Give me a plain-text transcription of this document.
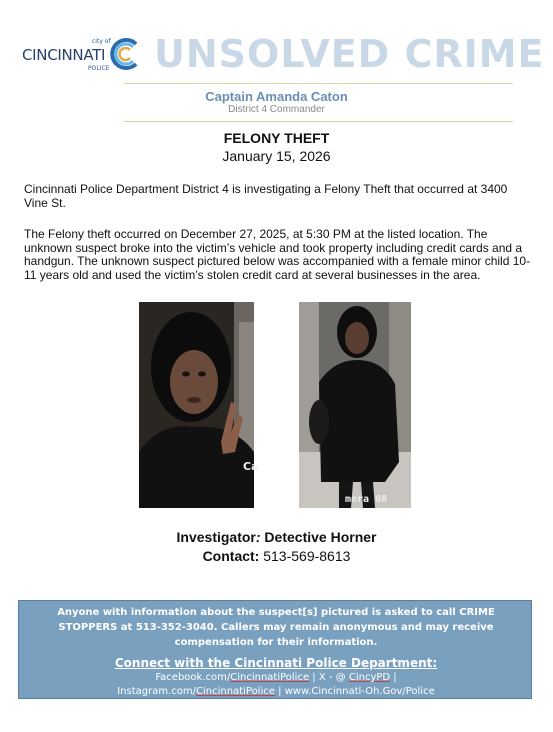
city of
CINCINNATI
POLICE UNSOLVED CRIME
Captain Amanda Caton
District 4 Commander
FELONY THEFT
January 15, 2026

Cincinnati Police Department District 4 is investigating a Felony Theft that occurred at 3400 Vine St.

The Felony theft occurred on December 27, 2025, at 5:30 PM at the listed location. The unknown suspect broke into the victim’s vehicle and took property including credit cards and a handgun. The unknown suspect pictured below was accompanied with a female minor child 10-11 years old and used the victim’s stolen credit card at several businesses in the area.

Ca
mera 08
Investigator: Detective Horner
Contact: 513-569-8613
Anyone with information about the suspect[s] pictured is asked to call CRIME STOPPERS at 513-352-3040. Callers may remain anonymous and may receive compensation for their information.
Connect with the Cincinnati Police Department:
Facebook.com/CincinnatiPolice | X - @ CincyPD |
Instagram.com/CincinnatiPolice | www.Cincinnati-Oh.Gov/Police
